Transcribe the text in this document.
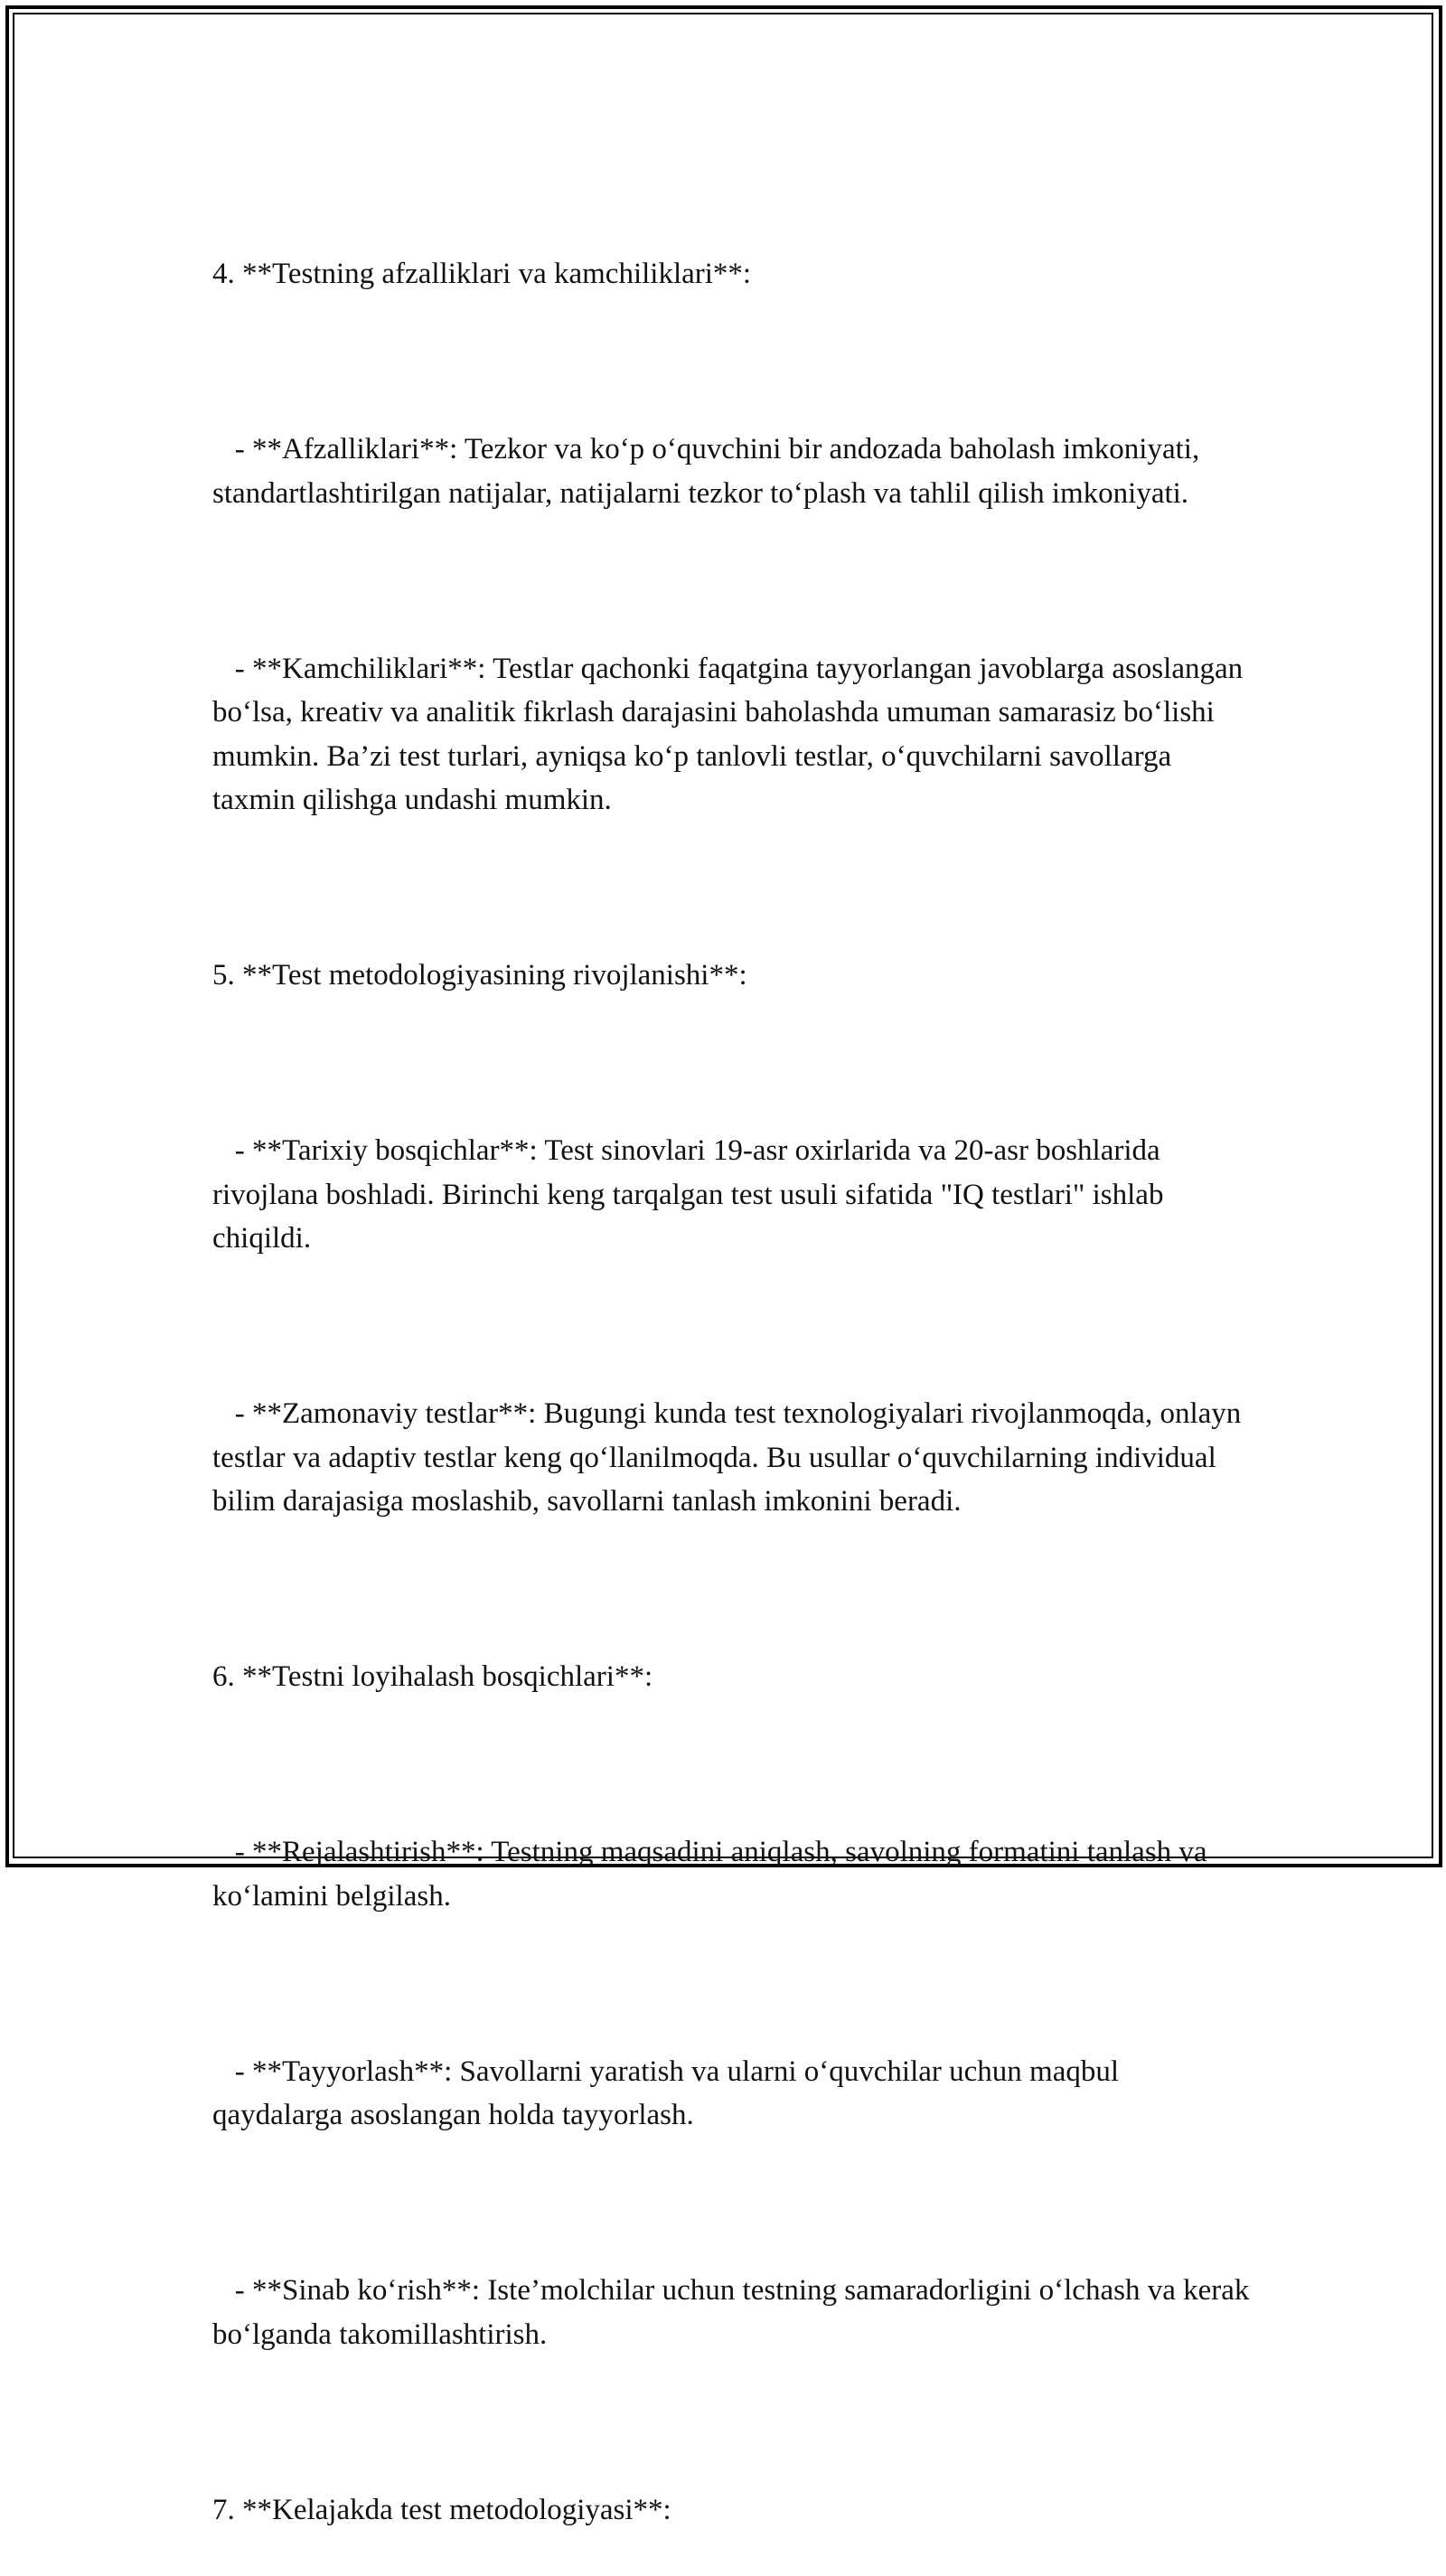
4. **Testning afzalliklari va kamchiliklari**:

- **Afzalliklari**: Tezkor va ko‘p o‘quvchini bir andozada baholash imkoniyati, standartlashtirilgan natijalar, natijalarni tezkor to‘plash va tahlil qilish imkoniyati.

- **Kamchiliklari**: Testlar qachonki faqatgina tayyorlangan javoblarga asoslangan bo‘lsa, kreativ va analitik fikrlash darajasini baholashda umuman samarasiz bo‘lishi mumkin. Ba’zi test turlari, ayniqsa ko‘p tanlovli testlar, o‘quvchilarni savollarga taxmin qilishga undashi mumkin.

5. **Test metodologiyasining rivojlanishi**:

- **Tarixiy bosqichlar**: Test sinovlari 19-asr oxirlarida va 20-asr boshlarida rivojlana boshladi. Birinchi keng tarqalgan test usuli sifatida "IQ testlari" ishlab chiqildi.

- **Zamonaviy testlar**: Bugungi kunda test texnologiyalari rivojlanmoqda, onlayn testlar va adaptiv testlar keng qo‘llanilmoqda. Bu usullar o‘quvchilarning individual bilim darajasiga moslashib, savollarni tanlash imkonini beradi.

6. **Testni loyihalash bosqichlari**:

- **Rejalashtirish**: Testning maqsadini aniqlash, savolning formatini tanlash va ko‘lamini belgilash.

- **Tayyorlash**: Savollarni yaratish va ularni o‘quvchilar uchun maqbul qaydalarga asoslangan holda tayyorlash.

- **Sinab ko‘rish**: Iste’molchilar uchun testning samaradorligini o‘lchash va kerak bo‘lganda takomillashtirish.

7. **Kelajakda test metodologiyasi**:
